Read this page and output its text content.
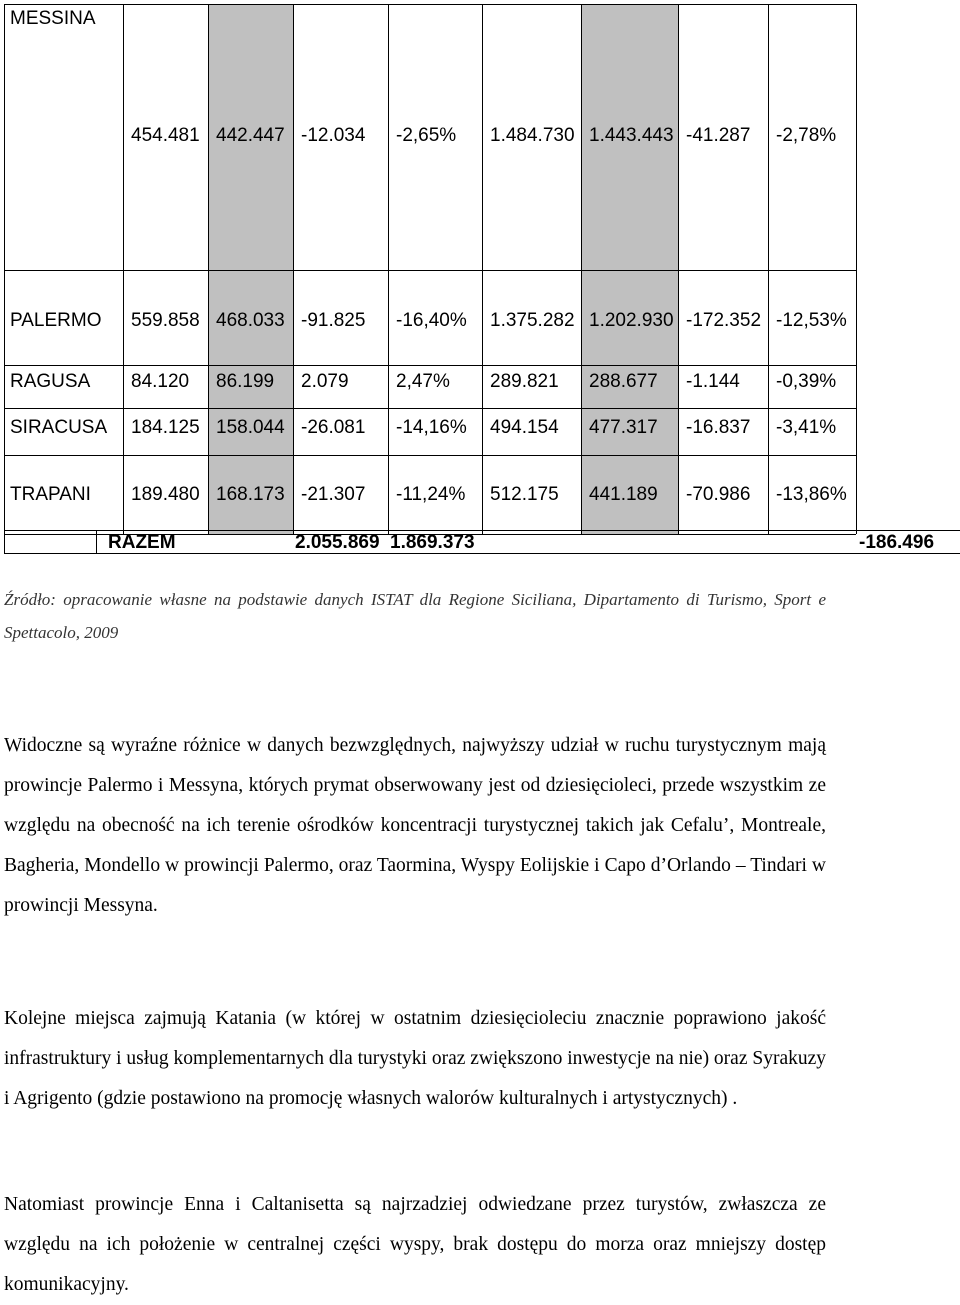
MESSINA
454.481 442.447 -12.034 -2,65% 1.484.730 1.443.443 -41.287 -2,78%
PALERMO 559.858 468.033 -91.825 -16,40% 1.375.282 1.202.930 -172.352 -12,53%
RAGUSA 84.120 86.199 2.079 2,47% 289.821 288.677 -1.144 -0,39%
SIRACUSA 184.125 158.044 -26.081 -14,16% 494.154 477.317 -16.837 -3,41%
TRAPANI 189.480 168.173 -21.307 -11,24% 512.175 441.189 -70.986 -13,86%
RAZEM	2.055.869 1.869.373	-186.496
Źródło: opracowanie własne na podstawie danych ISTAT dla Regione Siciliana, Dipartamento di Turismo, Sport e Spettacolo, 2009

Widoczne są wyraźne różnice w danych bezwzględnych, najwyższy udział w ruchu turystycznym mają prowincje Palermo i Messyna, których prymat obserwowany jest od dziesięcioleci, przede wszystkim ze względu na obecność na ich terenie ośrodków koncentracji turystycznej takich jak Cefalu’, Montreale, Bagheria, Mondello w prowincji Palermo, oraz Taormina, Wyspy Eolijskie i Capo d’Orlando – Tindari w prowincji Messyna.

Kolejne miejsca zajmują Katania (w której w ostatnim dziesięcioleciu znacznie poprawiono jakość infrastruktury i usług komplementarnych dla turystyki oraz zwiększono inwestycje na nie) oraz Syrakuzy i Agrigento (gdzie postawiono na promocję własnych walorów kulturalnych i artystycznych) .

Natomiast prowincje Enna i Caltanisetta są najrzadziej odwiedzane przez turystów, zwłaszcza ze względu na ich położenie w centralnej części wyspy, brak dostępu do morza oraz mniejszy dostęp komunikacyjny.
